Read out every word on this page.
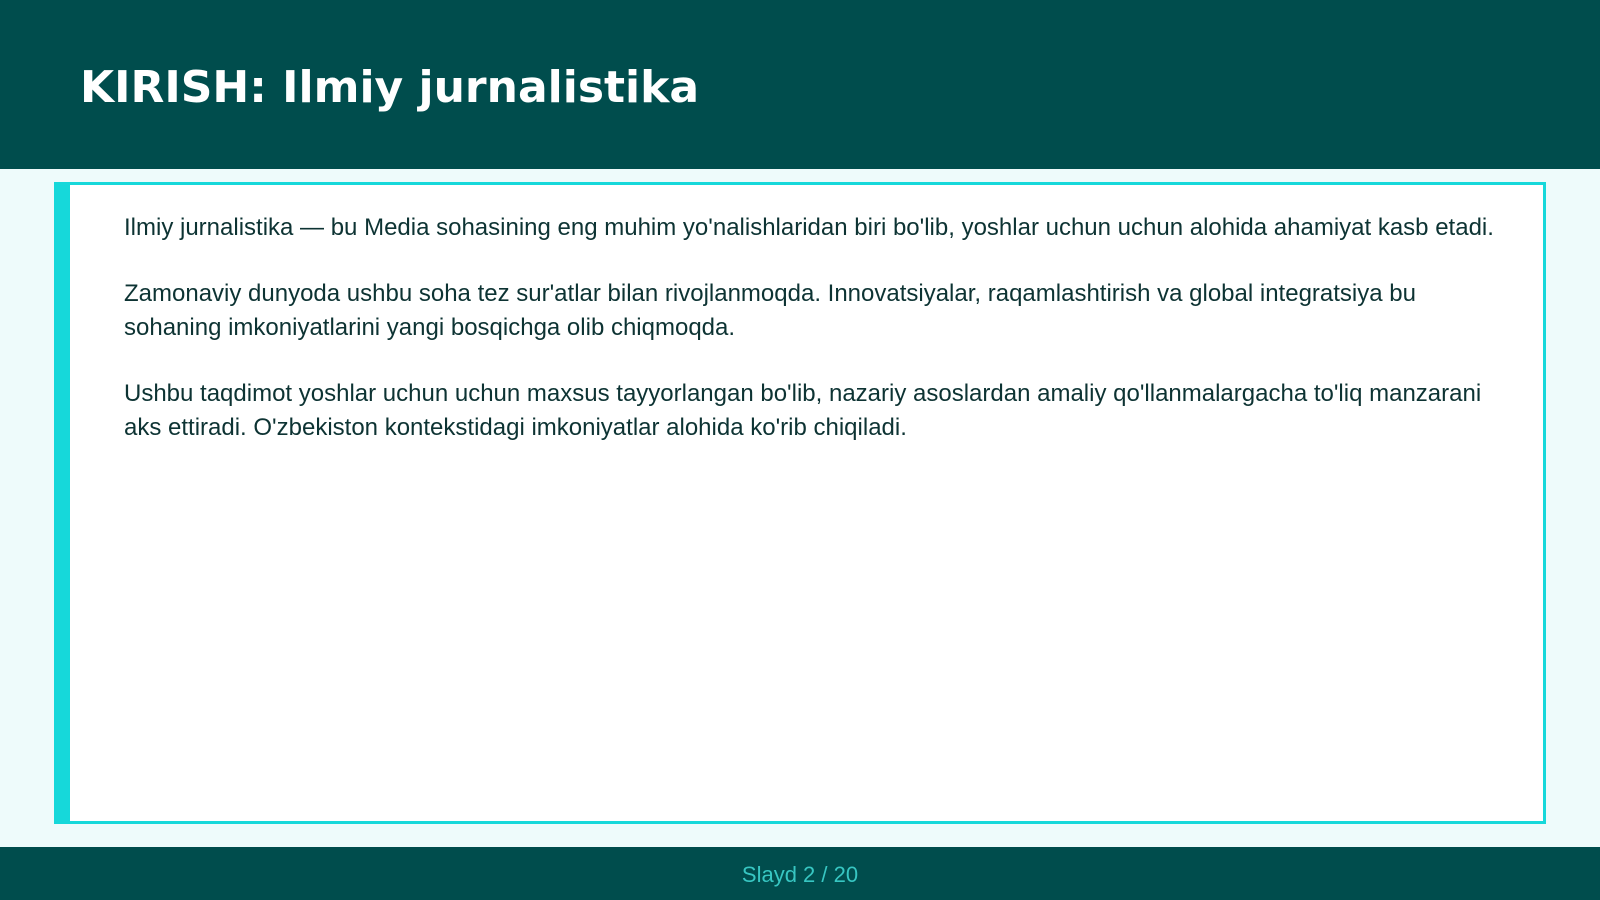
KIRISH: Ilmiy jurnalistika

Ilmiy jurnalistika — bu Media sohasining eng muhim yo'nalishlaridan biri bo'lib, yoshlar uchun uchun alohida ahamiyat kasb etadi.

Zamonaviy dunyoda ushbu soha tez sur'atlar bilan rivojlanmoqda. Innovatsiyalar, raqamlashtirish va global integratsiya bu sohaning imkoniyatlarini yangi bosqichga olib chiqmoqda.

Ushbu taqdimot yoshlar uchun uchun maxsus tayyorlangan bo'lib, nazariy asoslardan amaliy qo'llanmalargacha to'liq manzarani aks ettiradi. O'zbekiston kontekstidagi imkoniyatlar alohida ko'rib chiqiladi.

Slayd 2 / 20
